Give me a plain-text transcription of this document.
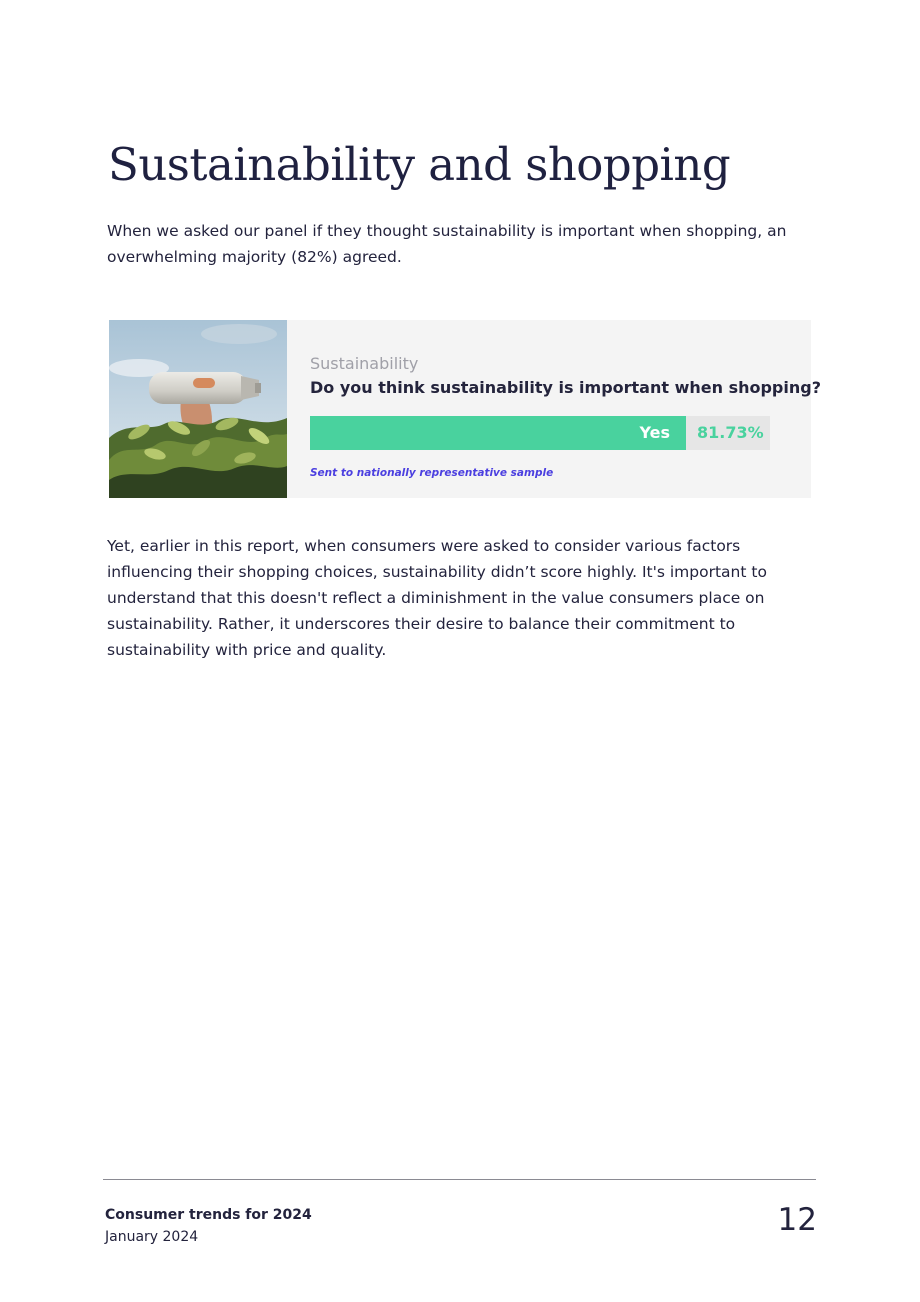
Sustainability and shopping

When we asked our panel if they thought sustainability is important when shopping, an overwhelming majority (82%) agreed.

Sustainability
Do you think sustainability is important when shopping?
Yes 81.73%
Sent to nationally representative sample

Yet, earlier in this report, when consumers were asked to consider various factors influencing their shopping choices, sustainability didn’t score highly. It's important to understand that this doesn't reflect a diminishment in the value consumers place on sustainability. Rather, it underscores their desire to balance their commitment to sustainability with price and quality.

Consumer trends for 2024
January 2024	12
